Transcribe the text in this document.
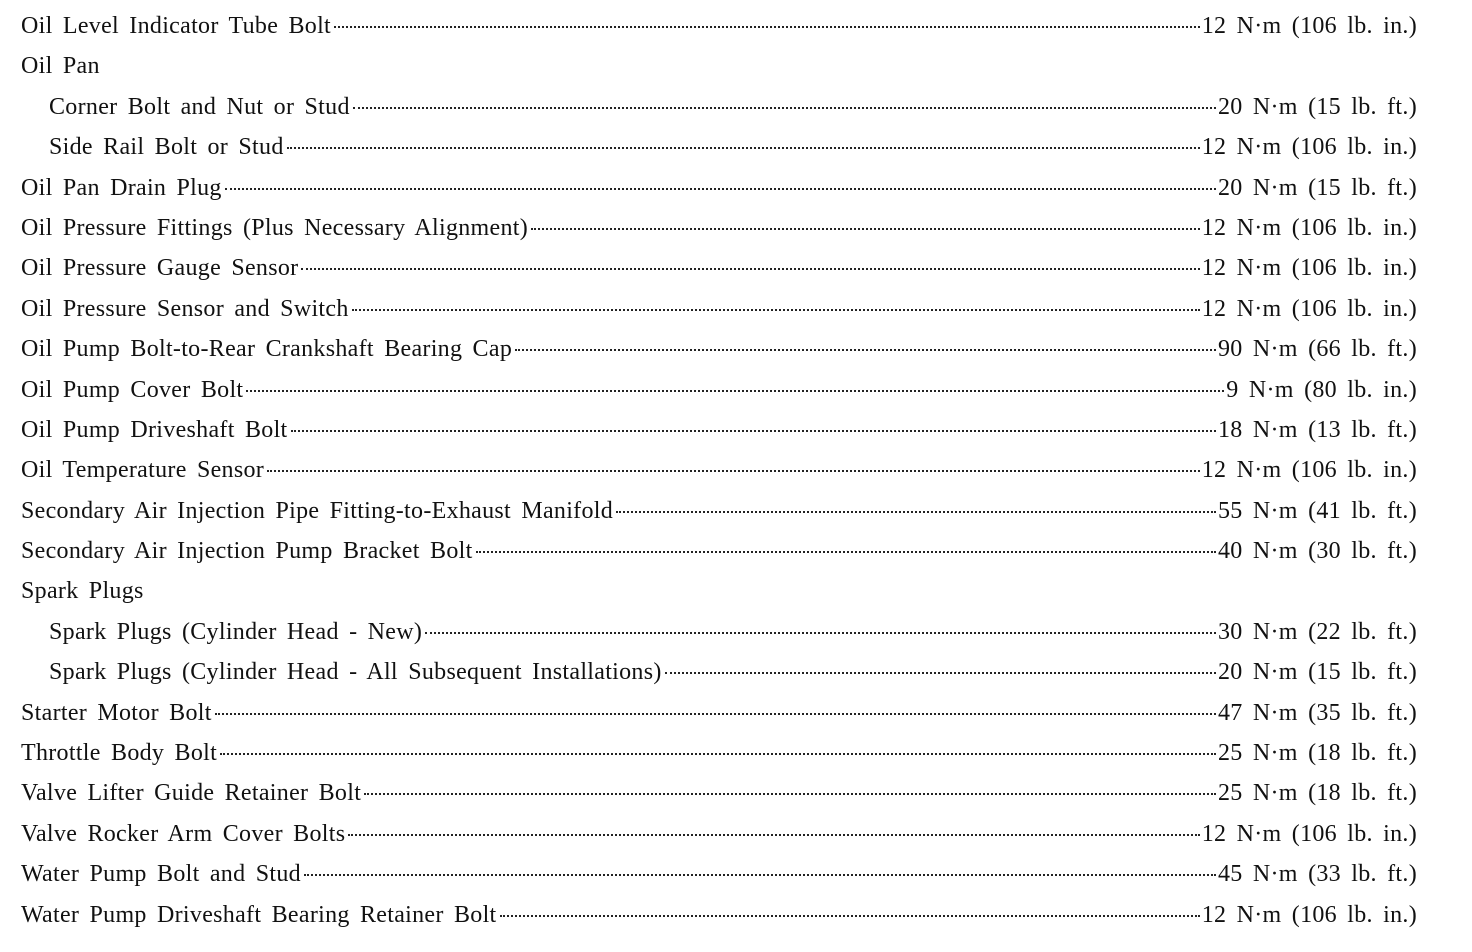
Oil Level Indicator Tube Bolt	12 N·m (106 lb. in.)
Oil Pan
Corner Bolt and Nut or Stud	20 N·m (15 lb. ft.)
Side Rail Bolt or Stud	12 N·m (106 lb. in.)
Oil Pan Drain Plug	20 N·m (15 lb. ft.)
Oil Pressure Fittings (Plus Necessary Alignment)	12 N·m (106 lb. in.)
Oil Pressure Gauge Sensor	12 N·m (106 lb. in.)
Oil Pressure Sensor and Switch	12 N·m (106 lb. in.)
Oil Pump Bolt-to-Rear Crankshaft Bearing Cap	90 N·m (66 lb. ft.)
Oil Pump Cover Bolt	9 N·m (80 lb. in.)
Oil Pump Driveshaft Bolt	18 N·m (13 lb. ft.)
Oil Temperature Sensor	12 N·m (106 lb. in.)
Secondary Air Injection Pipe Fitting-to-Exhaust Manifold	55 N·m (41 lb. ft.)
Secondary Air Injection Pump Bracket Bolt	40 N·m (30 lb. ft.)
Spark Plugs
Spark Plugs (Cylinder Head - New)	30 N·m (22 lb. ft.)
Spark Plugs (Cylinder Head - All Subsequent Installations)	20 N·m (15 lb. ft.)
Starter Motor Bolt	47 N·m (35 lb. ft.)
Throttle Body Bolt	25 N·m (18 lb. ft.)
Valve Lifter Guide Retainer Bolt	25 N·m (18 lb. ft.)
Valve Rocker Arm Cover Bolts	12 N·m (106 lb. in.)
Water Pump Bolt and Stud	45 N·m (33 lb. ft.)
Water Pump Driveshaft Bearing Retainer Bolt	12 N·m (106 lb. in.)
